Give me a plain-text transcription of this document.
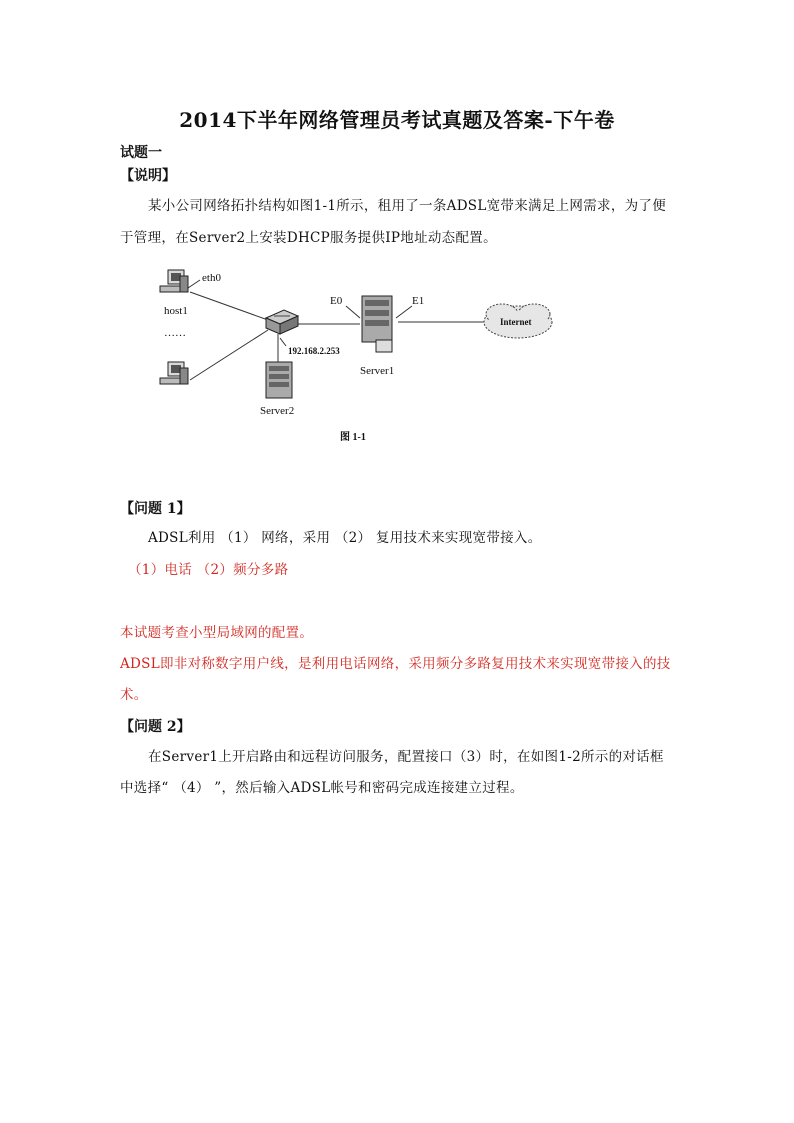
2014下半年网络管理员考试真题及答案-下午卷
试题一
【说明】
某小公司网络拓扑结构如图1-1所示，租用了一条ADSL宽带来满足上网需求，为了便
于管理，在Server2上安装DHCP服务提供IP地址动态配置。
eth0
host1
……
E0	E1
192.168.2.253
Server1
Server2
Internet
图 1-1
【问题 1】
ADSL利用 （1） 网络，采用 （2） 复用技术来实现宽带接入。
（1）电话 （2）频分多路
本试题考查小型局域网的配置。
ADSL即非对称数字用户线，是利用电话网络，采用频分多路复用技术来实现宽带接入的技
术。
【问题 2】
在Server1上开启路由和远程访问服务，配置接口（3）时，在如图1-2所示的对话框
中选择“ （4） ”，然后输入ADSL帐号和密码完成连接建立过程。
